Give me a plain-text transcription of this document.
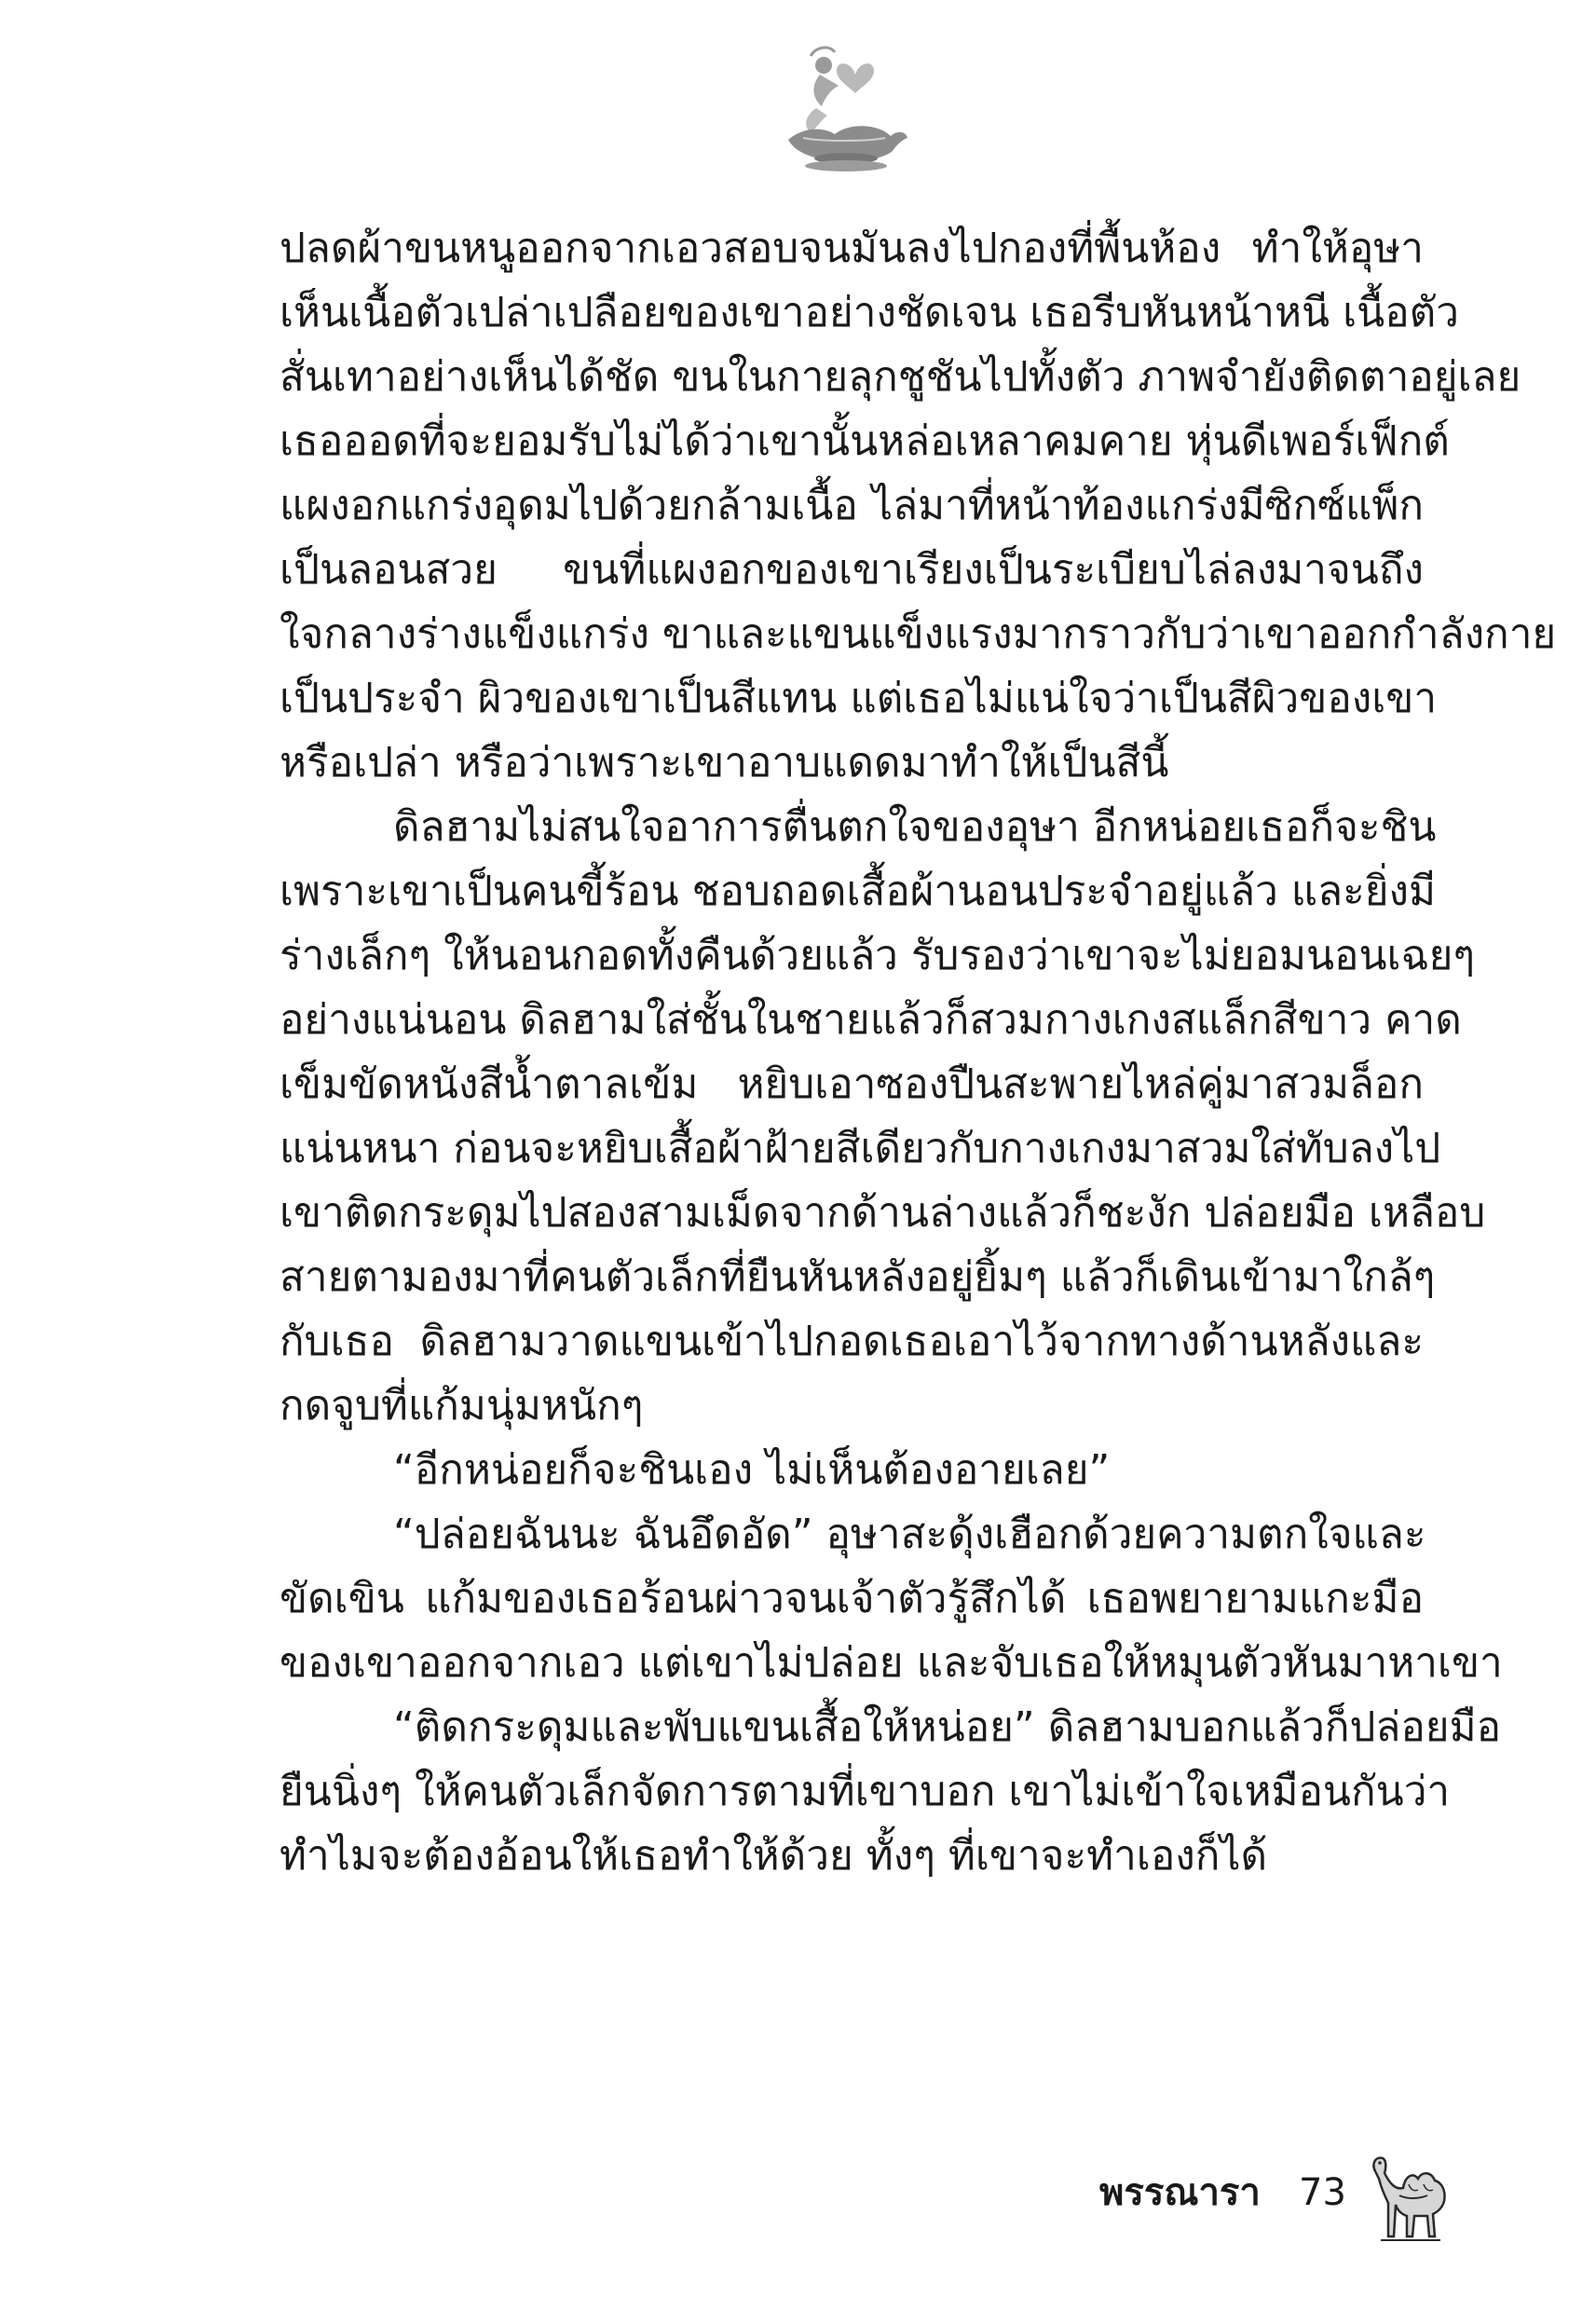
ปลดผ้าขนหนูออกจากเอวสอบจนมันลงไปกองที่พื้นห้อง ทำให้อุษา
เห็นเนื้อตัวเปล่าเปลือยของเขาอย่างชัดเจน เธอรีบหันหน้าหนี เนื้อตัว
สั่นเทาอย่างเห็นได้ชัด ขนในกายลุกชูชันไปทั้งตัว ภาพจำยังติดตาอยู่เลย
เธอออดที่จะยอมรับไม่ได้ว่าเขานั้นหล่อเหลาคมคาย หุ่นดีเพอร์เฟ็กต์
แผงอกแกร่งอุดมไปด้วยกล้ามเนื้อ ไล่มาที่หน้าท้องแกร่งมีซิกซ์แพ็ก
เป็นลอนสวย ขนที่แผงอกของเขาเรียงเป็นระเบียบไล่ลงมาจนถึง
ใจกลางร่างแข็งแกร่ง ขาและแขนแข็งแรงมากราวกับว่าเขาออกกำลังกาย
เป็นประจำ ผิวของเขาเป็นสีแทน แต่เธอไม่แน่ใจว่าเป็นสีผิวของเขา
หรือเปล่า หรือว่าเพราะเขาอาบแดดมาทำให้เป็นสีนี้
ดิลฮามไม่สนใจอาการตื่นตกใจของอุษา อีกหน่อยเธอก็จะชิน
เพราะเขาเป็นคนขี้ร้อน ชอบถอดเสื้อผ้านอนประจำอยู่แล้ว และยิ่งมี
ร่างเล็กๆ ให้นอนกอดทั้งคืนด้วยแล้ว รับรองว่าเขาจะไม่ยอมนอนเฉยๆ
อย่างแน่นอน ดิลฮามใส่ชั้นในชายแล้วก็สวมกางเกงสแล็กสีขาว คาด
เข็มขัดหนังสีน้ำตาลเข้ม หยิบเอาซองปืนสะพายไหล่คู่มาสวมล็อก
แน่นหนา ก่อนจะหยิบเสื้อผ้าฝ้ายสีเดียวกับกางเกงมาสวมใส่ทับลงไป
เขาติดกระดุมไปสองสามเม็ดจากด้านล่างแล้วก็ชะงัก ปล่อยมือ เหลือบ
สายตามองมาที่คนตัวเล็กที่ยืนหันหลังอยู่ยิ้มๆ แล้วก็เดินเข้ามาใกล้ๆ
กับเธอ ดิลฮามวาดแขนเข้าไปกอดเธอเอาไว้จากทางด้านหลังและ
กดจูบที่แก้มนุ่มหนักๆ
“อีกหน่อยก็จะชินเอง ไม่เห็นต้องอายเลย”
“ปล่อยฉันนะ ฉันอึดอัด” อุษาสะดุ้งเฮือกด้วยความตกใจและ
ขัดเขิน แก้มของเธอร้อนผ่าวจนเจ้าตัวรู้สึกได้ เธอพยายามแกะมือ
ของเขาออกจากเอว แต่เขาไม่ปล่อย และจับเธอให้หมุนตัวหันมาหาเขา
“ติดกระดุมและพับแขนเสื้อให้หน่อย” ดิลฮามบอกแล้วก็ปล่อยมือ
ยืนนิ่งๆ ให้คนตัวเล็กจัดการตามที่เขาบอก เขาไม่เข้าใจเหมือนกันว่า
ทำไมจะต้องอ้อนให้เธอทำให้ด้วย ทั้งๆ ที่เขาจะทำเองก็ได้
พรรณารา 73
